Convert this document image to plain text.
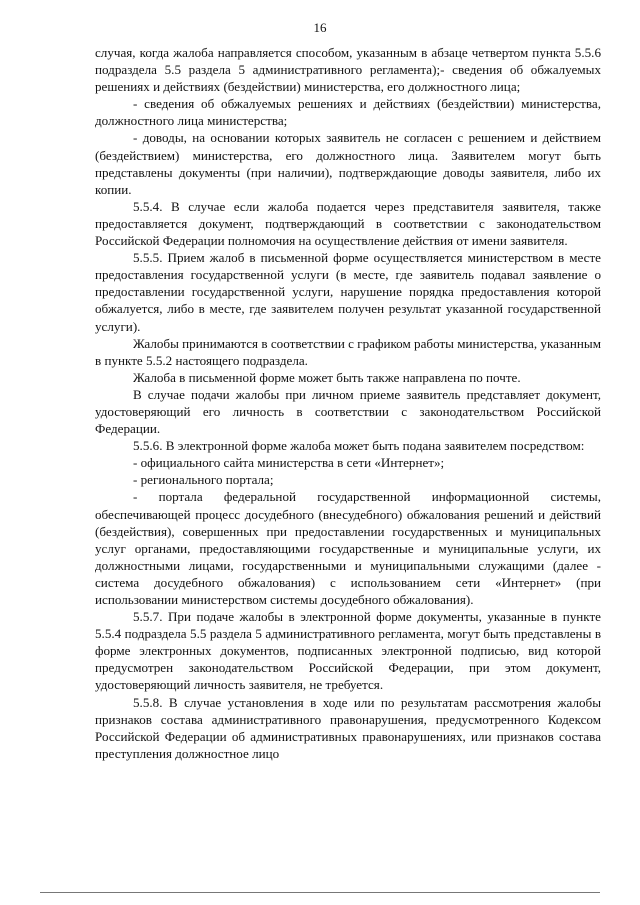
16

случая, когда жалоба направляется способом, указанным в абзаце четвертом пункта 5.5.6 подраздела 5.5 раздела 5 административного регламента);- сведения об обжалуемых решениях и действиях (бездействии) министерства, его должностного лица;

- сведения об обжалуемых решениях и действиях (бездействии) министерства, должностного лица министерства;

- доводы, на основании которых заявитель не согласен с решением и действием (бездействием) министерства, его должностного лица. Заявителем могут быть представлены документы (при наличии), подтверждающие доводы заявителя, либо их копии.

5.5.4. В случае если жалоба подается через представителя заявителя, также предоставляется документ, подтверждающий в соответствии с законодательством Российской Федерации полномочия на осуществление действия от имени заявителя.

5.5.5. Прием жалоб в письменной форме осуществляется министерством в месте предоставления государственной услуги (в месте, где заявитель подавал заявление о предоставлении государственной услуги, нарушение порядка предоставления которой обжалуется, либо в месте, где заявителем получен результат указанной государственной услуги).

Жалобы принимаются в соответствии с графиком работы министерства, указанным в пункте 5.5.2 настоящего подраздела.

Жалоба в письменной форме может быть также направлена по почте.

В случае подачи жалобы при личном приеме заявитель представляет документ, удостоверяющий его личность в соответствии с законодательством Российской Федерации.

5.5.6. В электронной форме жалоба может быть подана заявителем посредством:

- официального сайта министерства в сети «Интернет»;

- регионального портала;

- портала федеральной государственной информационной системы, обеспечивающей процесс досудебного (внесудебного) обжалования решений и действий (бездействия), совершенных при предоставлении государственных и муниципальных услуг органами, предоставляющими государственные и муниципальные услуги, их должностными лицами, государственными и муниципальными служащими (далее - система досудебного обжалования) с использованием сети «Интернет» (при использовании министерством системы досудебного обжалования).

5.5.7. При подаче жалобы в электронной форме документы, указанные в пункте 5.5.4 подраздела 5.5 раздела 5 административного регламента, могут быть представлены в форме электронных документов, подписанных электронной подписью, вид которой предусмотрен законодательством Российской Федерации, при этом документ, удостоверяющий личность заявителя, не требуется.

5.5.8. В случае установления в ходе или по результатам рассмотрения жалобы признаков состава административного правонарушения, предусмотренного Кодексом Российской Федерации об административных правонарушениях, или признаков состава преступления должностное лицо
